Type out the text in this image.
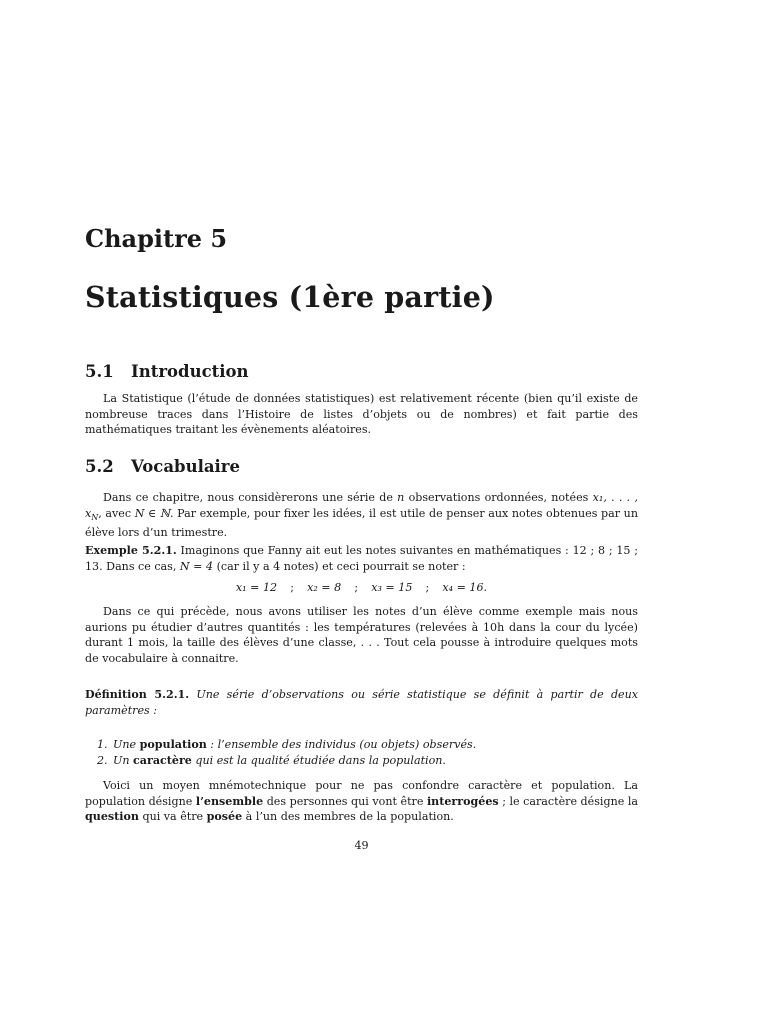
Chapitre 5
Statistiques (1ère partie)
5.1 Introduction

La Statistique (l’étude de données statistiques) est relativement récente (bien qu’il existe de nombreuse traces dans l’Histoire de listes d’objets ou de nombres) et fait partie des mathématiques traitant les évènements aléatoires.

5.2 Vocabulaire

Dans ce chapitre, nous considèrerons une série de n observations ordonnées, notées x₁, . . . , $x_N$, avec N ∈ ℕ. Par exemple, pour fixer les idées, il est utile de penser aux notes obtenues par un élève lors d’un trimestre.

Exemple 5.2.1. Imaginons que Fanny ait eut les notes suivantes en mathématiques : 12 ; 8 ; 15 ; 13. Dans ce cas, N = 4 (car il y a 4 notes) et ceci pourrait se noter :

x₁ = 12 ; x₂ = 8 ; x₃ = 15 ; x₄ = 16.

Dans ce qui précède, nous avons utiliser les notes d’un élève comme exemple mais nous aurions pu étudier d’autres quantités : les températures (relevées à 10h dans la cour du lycée) durant 1 mois, la taille des élèves d’une classe, . . . Tout cela pousse à introduire quelques mots de vocabulaire à connaitre.

Définition 5.2.1. Une série d’observations ou série statistique se définit à partir de deux paramètres :

1. Une population : l’ensemble des individus (ou objets) observés.
2. Un caractère qui est la qualité étudiée dans la population.

Voici un moyen mnémotechnique pour ne pas confondre caractère et population. La population désigne l’ensemble des personnes qui vont être interrogées ; le caractère désigne la question qui va être posée à l’un des membres de la population.

49
